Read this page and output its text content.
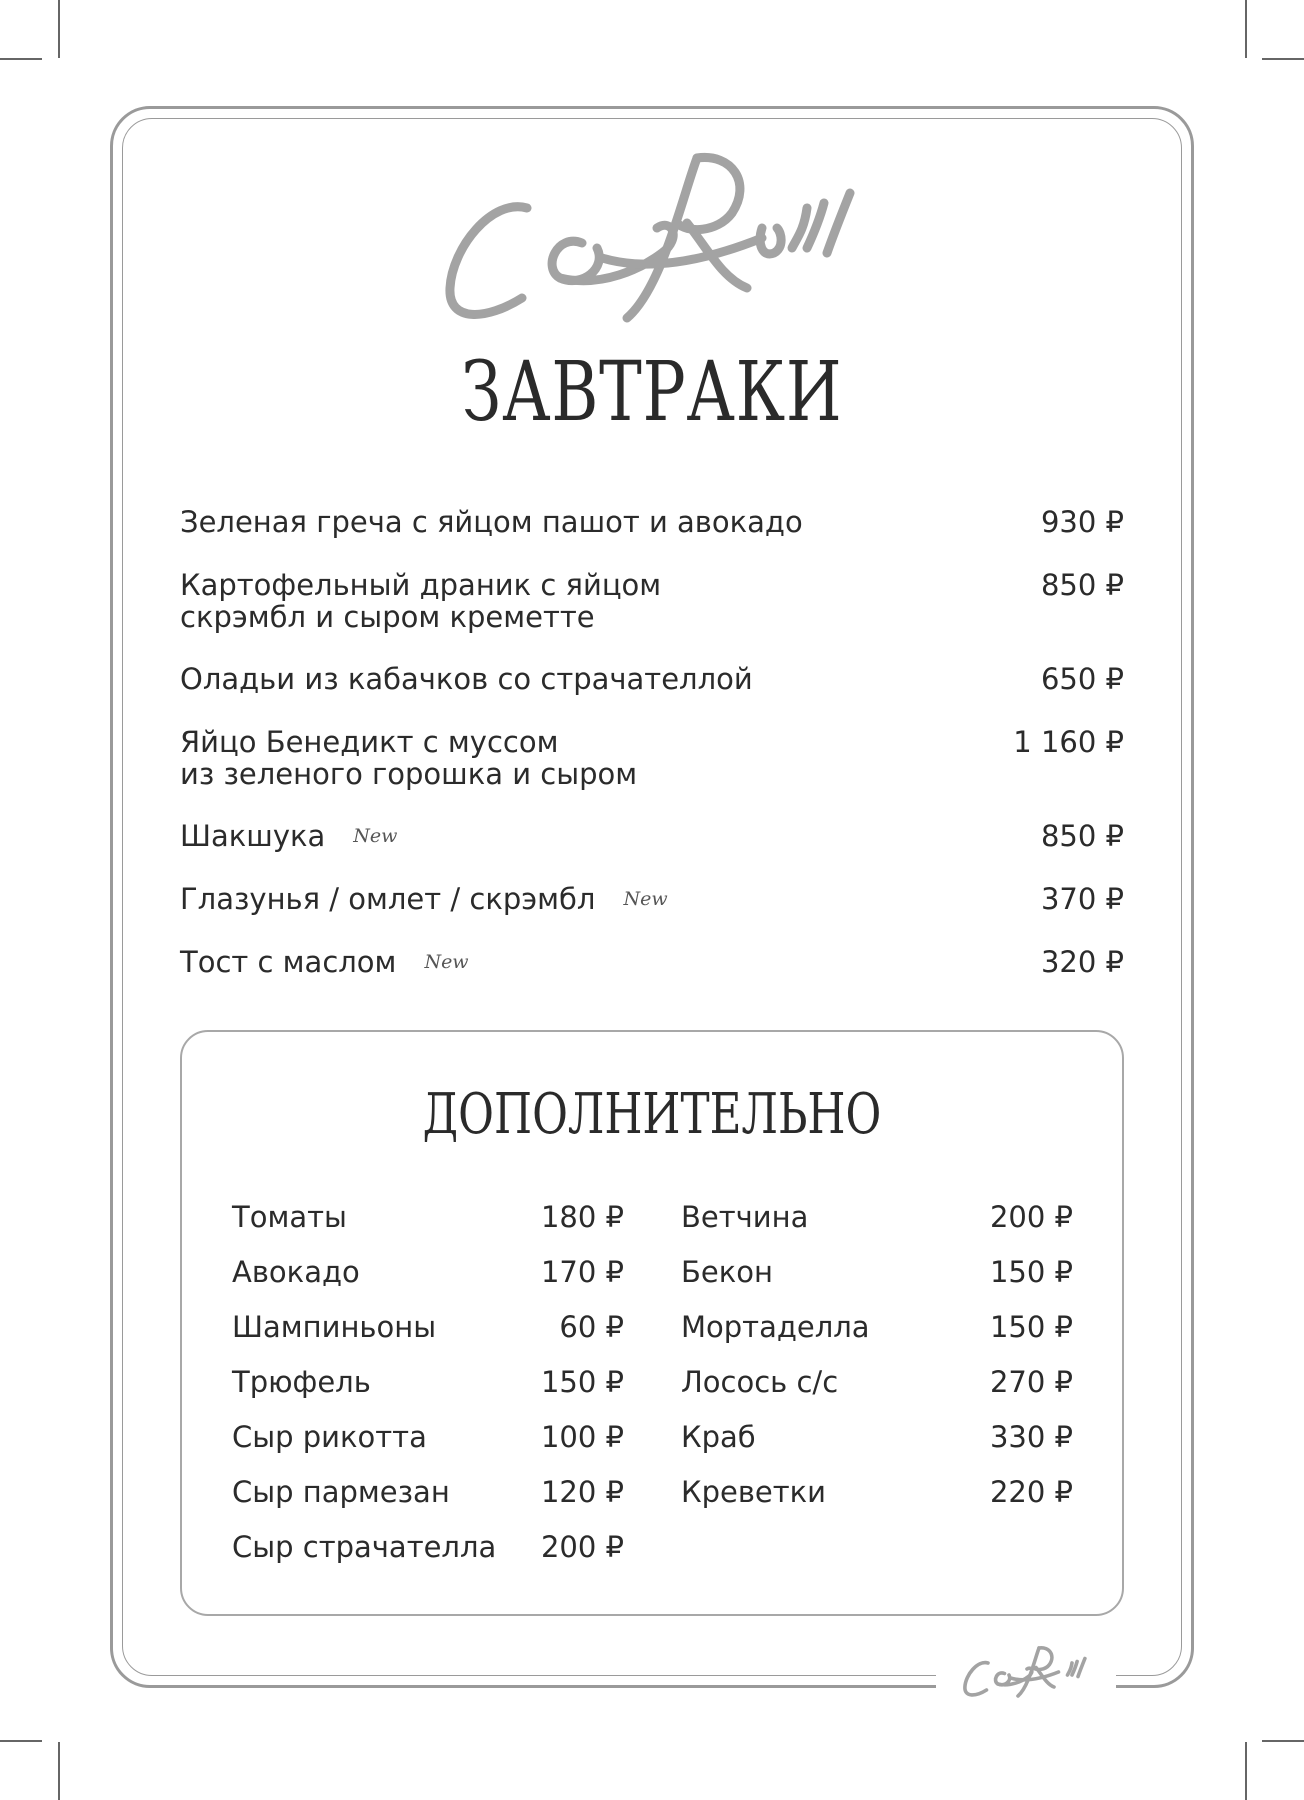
ЗАВТРАКИ
Зеленая греча с яйцом пашот и авокадо	930 ₽
Картофельный драник с яйцом
скрэмбл и сыром креметте
850 ₽
Оладьи из кабачков со страчателлой	650 ₽
Яйцо Бенедикт с муссом
из зеленого горошка и сыром
1 160 ₽
Шакшука New	850 ₽
Глазунья / омлет / скрэмбл New	370 ₽
Тост с маслом New	320 ₽
ДОПОЛНИТЕЛЬНО
Томаты	180 ₽
Авокадо	170 ₽
Шампиньоны	60 ₽
Трюфель	150 ₽
Сыр рикотта	100 ₽
Сыр пармезан	120 ₽
Сыр страчателла 200 ₽
Ветчина	200 ₽
Бекон	150 ₽
Мортаделла	150 ₽
Лосось с/с	270 ₽
Краб	330 ₽
Креветки	220 ₽
